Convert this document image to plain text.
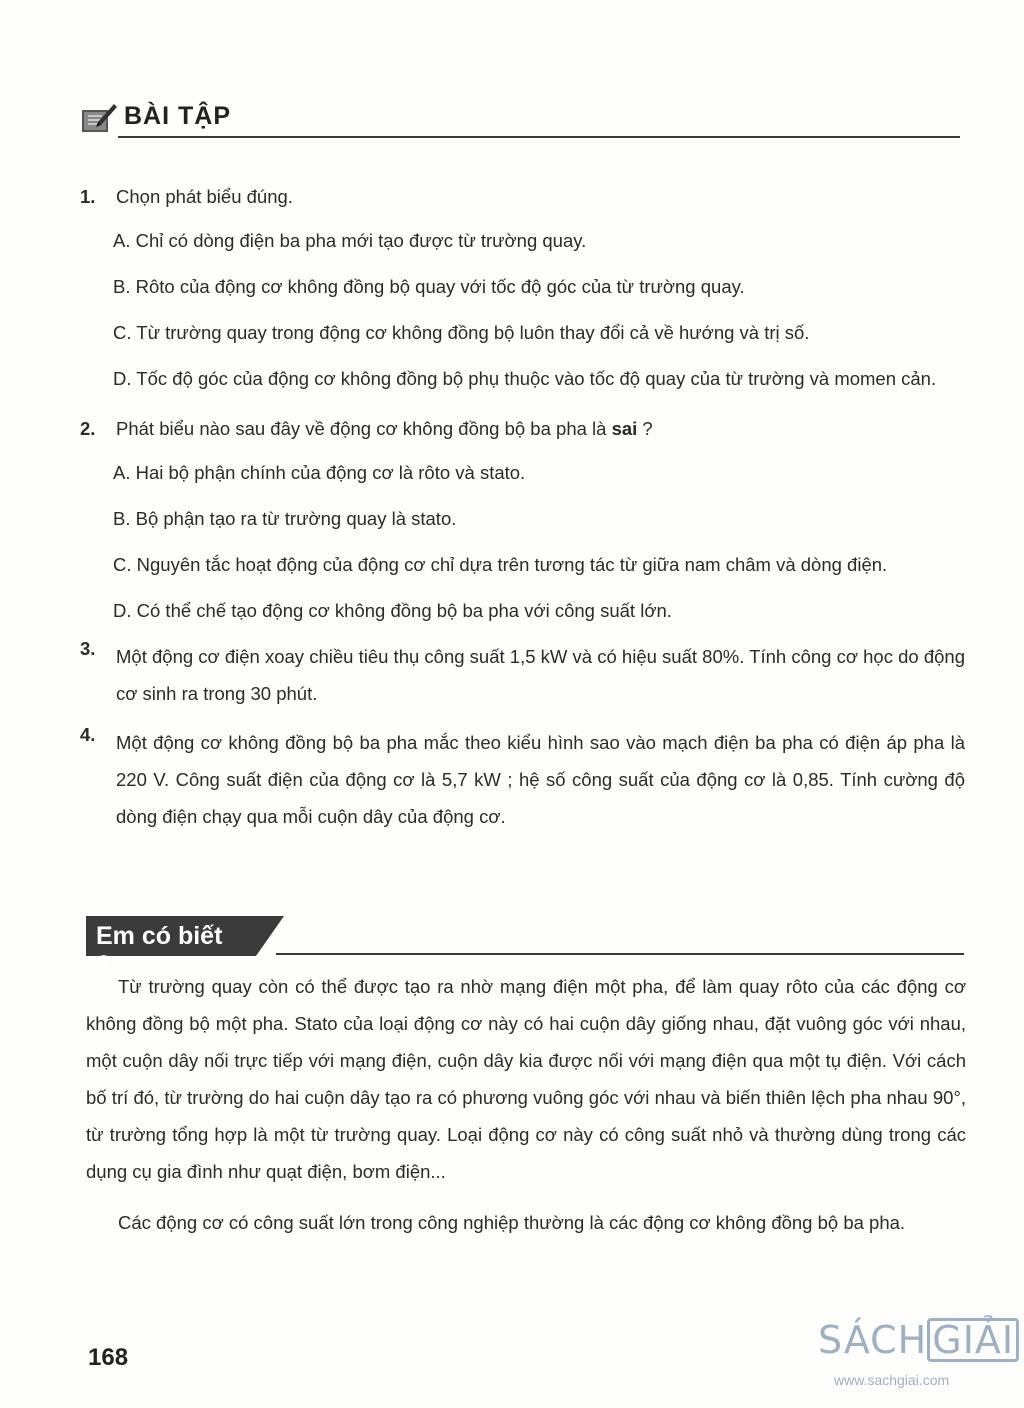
BÀI TẬP
1.	Chọn phát biểu đúng.
A. Chỉ có dòng điện ba pha mới tạo được từ trường quay.
B. Rôto của động cơ không đồng bộ quay với tốc độ góc của từ trường quay.
C. Từ trường quay trong động cơ không đồng bộ luôn thay đổi cả về hướng và trị số.
D. Tốc độ góc của động cơ không đồng bộ phụ thuộc vào tốc độ quay của từ trường và momen cản.
2.	Phát biểu nào sau đây về động cơ không đồng bộ ba pha là sai ?
A. Hai bộ phận chính của động cơ là rôto và stato.
B. Bộ phận tạo ra từ trường quay là stato.
C. Nguyên tắc hoạt động của động cơ chỉ dựa trên tương tác từ giữa nam châm và dòng điện.
D. Có thể chế tạo động cơ không đồng bộ ba pha với công suất lớn.
3.	Một động cơ điện xoay chiều tiêu thụ công suất 1,5 kW và có hiệu suất 80%. Tính công cơ học do động cơ sinh ra trong 30 phút.
4.	Một động cơ không đồng bộ ba pha mắc theo kiểu hình sao vào mạch điện ba pha có điện áp pha là 220 V. Công suất điện của động cơ là 5,7 kW ; hệ số công suất của động cơ là 0,85. Tính cường độ dòng điện chạy qua mỗi cuộn dây của động cơ.
Em có biết ?

Từ trường quay còn có thể được tạo ra nhờ mạng điện một pha, để làm quay rôto của các động cơ không đồng bộ một pha. Stato của loại động cơ này có hai cuộn dây giống nhau, đặt vuông góc với nhau, một cuộn dây nối trực tiếp với mạng điện, cuộn dây kia được nối với mạng điện qua một tụ điện. Với cách bố trí đó, từ trường do hai cuộn dây tạo ra có phương vuông góc với nhau và biến thiên lệch pha nhau 90°, từ trường tổng hợp là một từ trường quay. Loại động cơ này có công suất nhỏ và thường dùng trong các dụng cụ gia đình như quạt điện, bơm điện...

Các động cơ có công suất lớn trong công nghiệp thường là các động cơ không đồng bộ ba pha.

168	SÁCH GIẢI
www.sachgiai.com
